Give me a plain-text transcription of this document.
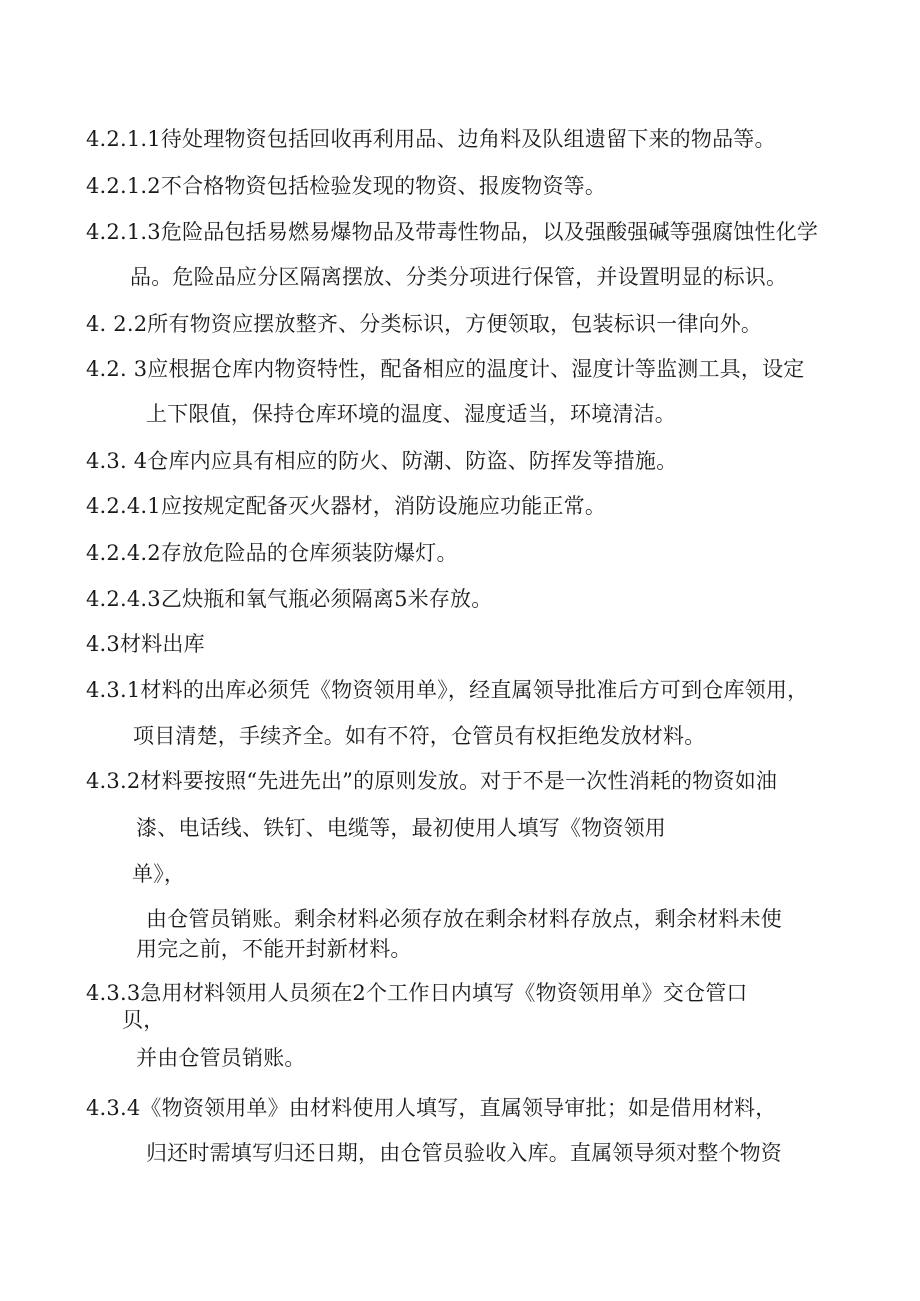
4.2.1.1待处理物资包括回收再利用品、边角料及队组遗留下来的物品等。
4.2.1.2不合格物资包括检验发现的物资、报废物资等。
4.2.1.3危险品包括易燃易爆物品及带毒性物品，以及强酸强碱等强腐蚀性化学
品。危险品应分区隔离摆放、分类分项进行保管，并设置明显的标识。
4. 2.2所有物资应摆放整齐、分类标识，方便领取，包装标识一律向外。
4.2. 3应根据仓库内物资特性，配备相应的温度计、湿度计等监测工具，设定
上下限值，保持仓库环境的温度、湿度适当，环境清洁。
4.3. 4仓库内应具有相应的防火、防潮、防盗、防挥发等措施。
4.2.4.1应按规定配备灭火器材，消防设施应功能正常。
4.2.4.2存放危险品的仓库须装防爆灯。
4.2.4.3乙炔瓶和氧气瓶必须隔离5米存放。
4.3材料出库
4.3.1材料的出库必须凭《物资领用单》，经直属领导批准后方可到仓库领用，
项目清楚，手续齐全。如有不符，仓管员有权拒绝发放材料。
4.3.2材料要按照“先进先出”的原则发放。对于不是一次性消耗的物资如油
漆、电话线、铁钉、电缆等，最初使用人填写《物资领用
单》，
由仓管员销账。剩余材料必须存放在剩余材料存放点，剩余材料未使
用完之前，不能开封新材料。
4.3.3急用材料领用人员须在2个工作日内填写《物资领用单》交仓管口
贝，
并由仓管员销账。
4.3.4《物资领用单》由材料使用人填写，直属领导审批；如是借用材料，
归还时需填写归还日期，由仓管员验收入库。直属领导须对整个物资
